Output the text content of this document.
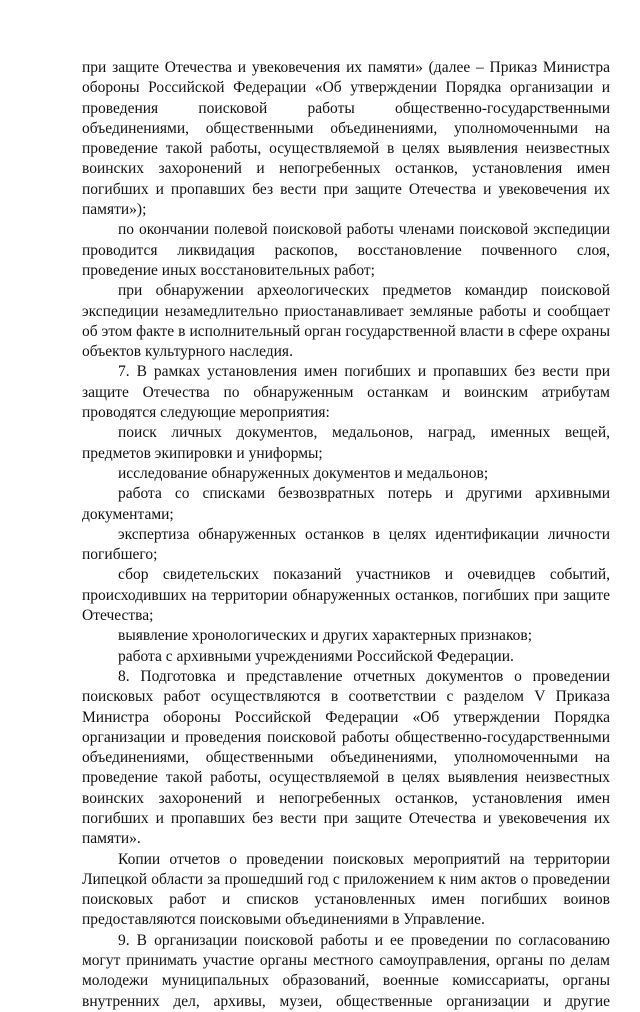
при защите Отечества и увековечения их памяти» (далее – Приказ Министра обороны Российской Федерации «Об утверждении Порядка организации и проведения поисковой работы общественно-государственными объединениями, общественными объединениями, уполномоченными на проведение такой работы, осуществляемой в целях выявления неизвестных воинских захоронений и непогребенных останков, установления имен погибших и пропавших без вести при защите Отечества и увековечения их памяти»);

по окончании полевой поисковой работы членами поисковой экспедиции проводится ликвидация раскопов, восстановление почвенного слоя, проведение иных восстановительных работ;

при обнаружении археологических предметов командир поисковой экспедиции незамедлительно приостанавливает земляные работы и сообщает об этом факте в исполнительный орган государственной власти в сфере охраны объектов культурного наследия.

7. В рамках установления имен погибших и пропавших без вести при защите Отечества по обнаруженным останкам и воинским атрибутам проводятся следующие мероприятия:

поиск личных документов, медальонов, наград, именных вещей, предметов экипировки и униформы;

исследование обнаруженных документов и медальонов;

работа со списками безвозвратных потерь и другими архивными документами;

экспертиза обнаруженных останков в целях идентификации личности погибшего;

сбор свидетельских показаний участников и очевидцев событий, происходивших на территории обнаруженных останков, погибших при защите Отечества;

выявление хронологических и других характерных признаков;

работа с архивными учреждениями Российской Федерации.

8. Подготовка и представление отчетных документов о проведении поисковых работ осуществляются в соответствии с разделом V Приказа Министра обороны Российской Федерации «Об утверждении Порядка организации и проведения поисковой работы общественно-государственными объединениями, общественными объединениями, уполномоченными на проведение такой работы, осуществляемой в целях выявления неизвестных воинских захоронений и непогребенных останков, установления имен погибших и пропавших без вести при защите Отечества и увековечения их памяти».

Копии отчетов о проведении поисковых мероприятий на территории Липецкой области за прошедший год с приложением к ним актов о проведении поисковых работ и списков установленных имен погибших воинов предоставляются поисковыми объединениями в Управление.

9. В организации поисковой работы и ее проведении по согласованию могут принимать участие органы местного самоуправления, органы по делам молодежи муниципальных образований, военные комиссариаты, органы внутренних дел, архивы, музеи, общественные организации и другие
